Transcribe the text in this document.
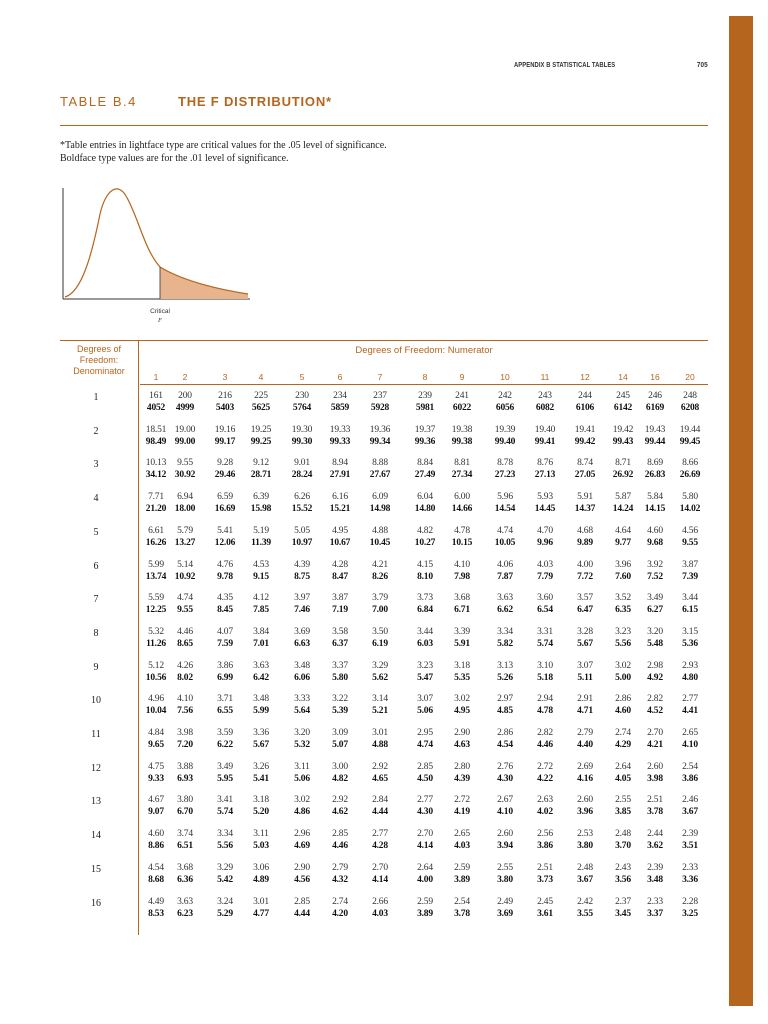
APPENDIX B STATISTICAL TABLES	705
TABLE B.4	THE F DISTRIBUTION*
*Table entries in lightface type are critical values for the .05 level of significance.
Boldface type values are for the .01 level of significance.
Critical
F
Degrees of
Freedom:
Denominator
Degrees of Freedom: Numerator
1	2	3	4	5	6	7	8	9	10	11	12	14	16	20
1	161	200	216	225	230	234	237	239	241	242	243	244	245	246	248
4052	4999	5403	5625	5764	5859	5928	5981	6022	6056	6082	6106	6142	6169	6208
2	18.51 19.00	19.16	19.25	19.30	19.33	19.36	19.37	19.38	19.39	19.40	19.41	19.42	19.43	19.44
98.49 99.00	99.17	99.25	99.30	99.33	99.34	99.36	99.38	99.40	99.41	99.42	99.43	99.44	99.45
3	10.13	9.55	9.28	9.12	9.01	8.94	8.88	8.84	8.81	8.78	8.76	8.74	8.71	8.69	8.66
34.12 30.92	29.46	28.71	28.24	27.91	27.67	27.49	27.34	27.23	27.13	27.05	26.92	26.83	26.69
4	7.71	6.94	6.59	6.39	6.26	6.16	6.09	6.04	6.00	5.96	5.93	5.91	5.87	5.84	5.80
21.20 18.00	16.69	15.98	15.52	15.21	14.98	14.80	14.66	14.54	14.45	14.37	14.24	14.15	14.02
5	6.61	5.79	5.41	5.19	5.05	4.95	4.88	4.82	4.78	4.74	4.70	4.68	4.64	4.60	4.56
16.26 13.27	12.06	11.39	10.97	10.67	10.45	10.27	10.15	10.05	9.96	9.89	9.77	9.68	9.55
6	5.99	5.14	4.76	4.53	4.39	4.28	4.21	4.15	4.10	4.06	4.03	4.00	3.96	3.92	3.87
13.74 10.92	9.78	9.15	8.75	8.47	8.26	8.10	7.98	7.87	7.79	7.72	7.60	7.52	7.39
7	5.59	4.74	4.35	4.12	3.97	3.87	3.79	3.73	3.68	3.63	3.60	3.57	3.52	3.49	3.44
12.25	9.55	8.45	7.85	7.46	7.19	7.00	6.84	6.71	6.62	6.54	6.47	6.35	6.27	6.15
8	5.32	4.46	4.07	3.84	3.69	3.58	3.50	3.44	3.39	3.34	3.31	3.28	3.23	3.20	3.15
11.26	8.65	7.59	7.01	6.63	6.37	6.19	6.03	5.91	5.82	5.74	5.67	5.56	5.48	5.36
9	5.12	4.26	3.86	3.63	3.48	3.37	3.29	3.23	3.18	3.13	3.10	3.07	3.02	2.98	2.93
10.56	8.02	6.99	6.42	6.06	5.80	5.62	5.47	5.35	5.26	5.18	5.11	5.00	4.92	4.80
10	4.96	4.10	3.71	3.48	3.33	3.22	3.14	3.07	3.02	2.97	2.94	2.91	2.86	2.82	2.77
10.04	7.56	6.55	5.99	5.64	5.39	5.21	5.06	4.95	4.85	4.78	4.71	4.60	4.52	4.41
11	4.84	3.98	3.59	3.36	3.20	3.09	3.01	2.95	2.90	2.86	2.82	2.79	2.74	2.70	2.65
9.65	7.20	6.22	5.67	5.32	5.07	4.88	4.74	4.63	4.54	4.46	4.40	4.29	4.21	4.10
12	4.75	3.88	3.49	3.26	3.11	3.00	2.92	2.85	2.80	2.76	2.72	2.69	2.64	2.60	2.54
9.33	6.93	5.95	5.41	5.06	4.82	4.65	4.50	4.39	4.30	4.22	4.16	4.05	3.98	3.86
13	4.67	3.80	3.41	3.18	3.02	2.92	2.84	2.77	2.72	2.67	2.63	2.60	2.55	2.51	2.46
9.07	6.70	5.74	5.20	4.86	4.62	4.44	4.30	4.19	4.10	4.02	3.96	3.85	3.78	3.67
14	4.60	3.74	3.34	3.11	2.96	2.85	2.77	2.70	2.65	2.60	2.56	2.53	2.48	2.44	2.39
8.86	6.51	5.56	5.03	4.69	4.46	4.28	4.14	4.03	3.94	3.86	3.80	3.70	3.62	3.51
15	4.54	3.68	3.29	3.06	2.90	2.79	2.70	2.64	2.59	2.55	2.51	2.48	2.43	2.39	2.33
8.68	6.36	5.42	4.89	4.56	4.32	4.14	4.00	3.89	3.80	3.73	3.67	3.56	3.48	3.36
16	4.49	3.63	3.24	3.01	2.85	2.74	2.66	2.59	2.54	2.49	2.45	2.42	2.37	2.33	2.28
8.53	6.23	5.29	4.77	4.44	4.20	4.03	3.89	3.78	3.69	3.61	3.55	3.45	3.37	3.25
